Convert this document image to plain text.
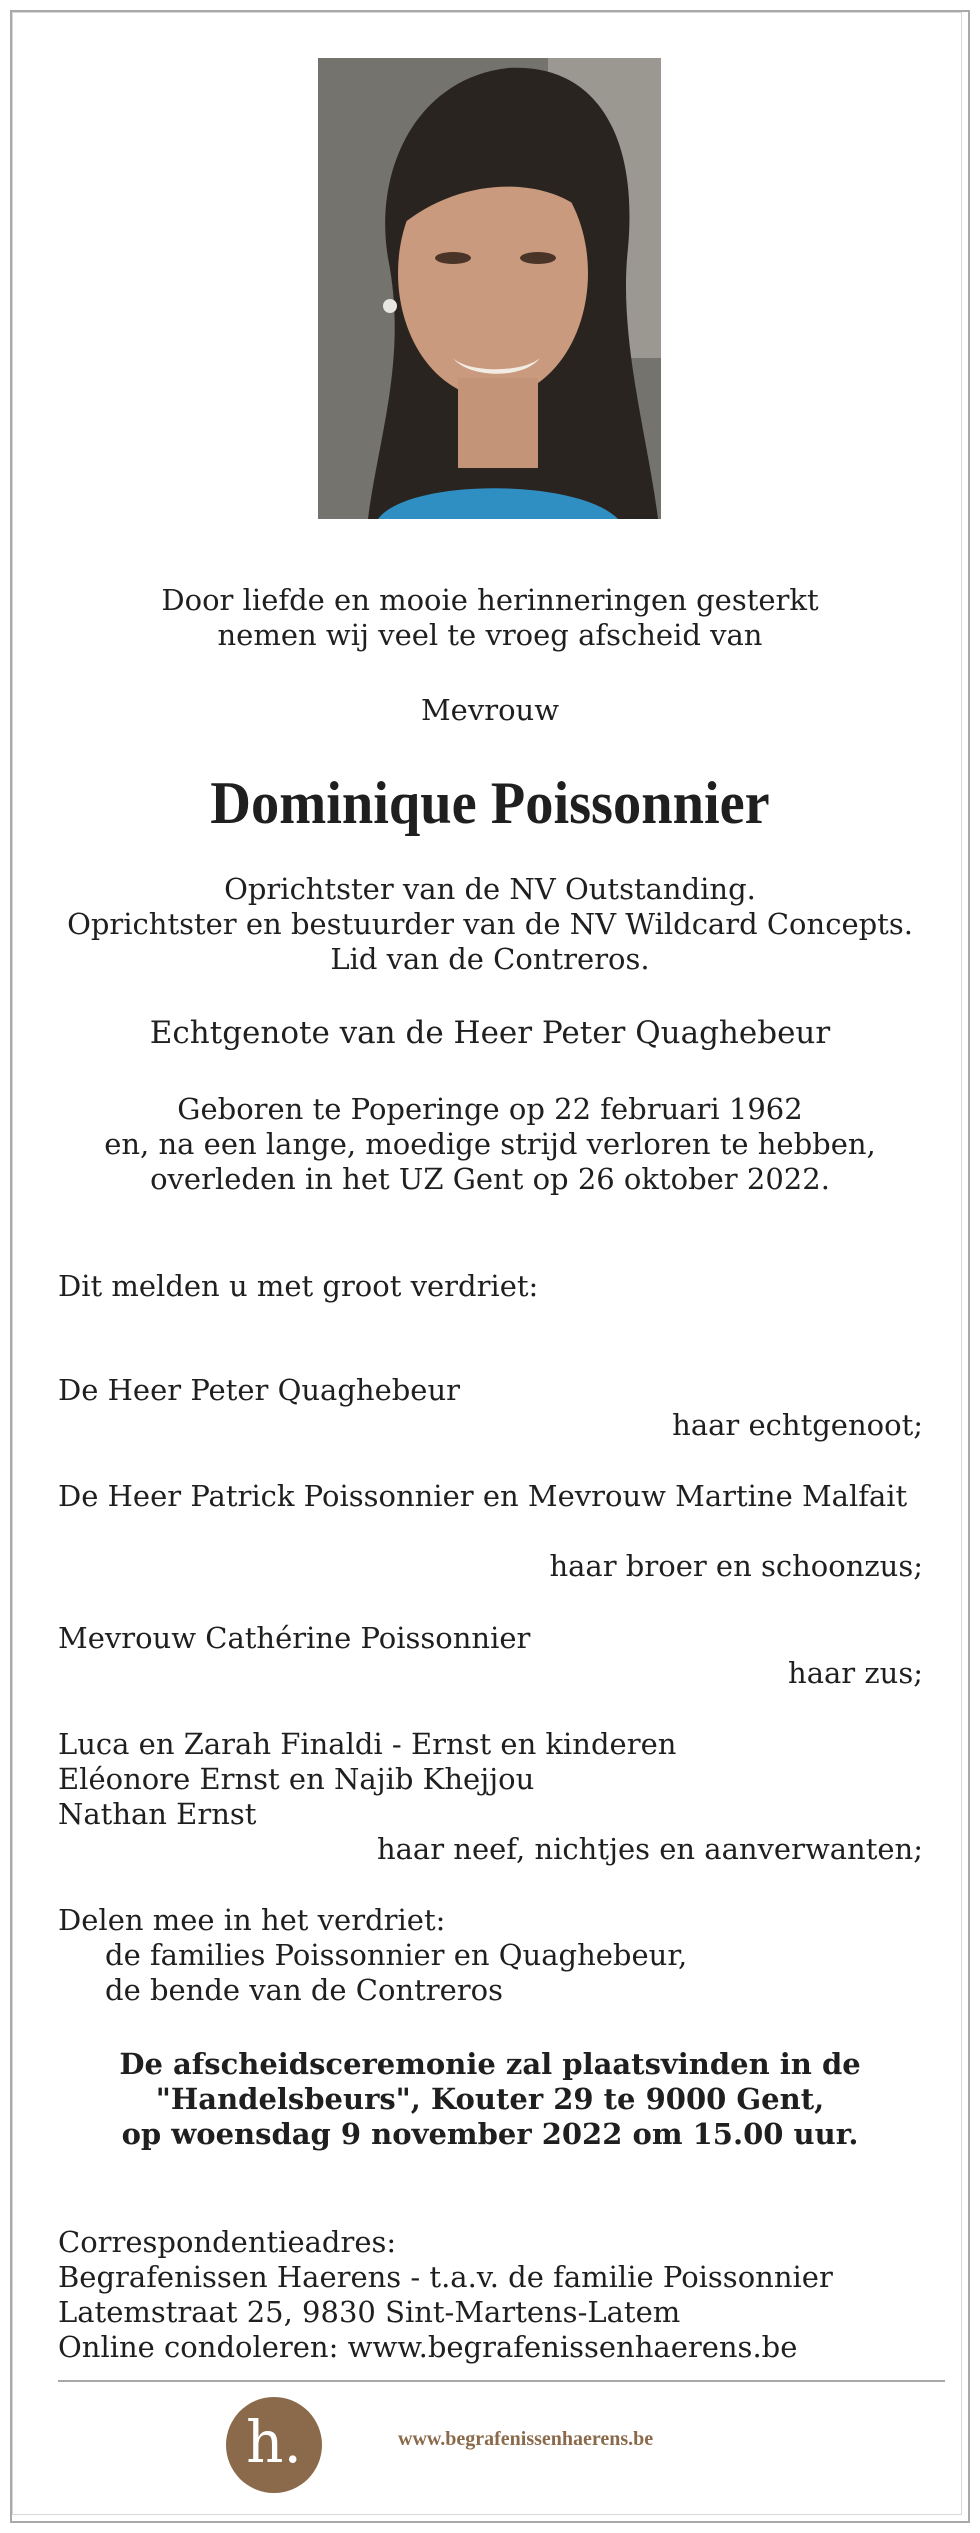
Door liefde en mooie herinneringen gesterkt
nemen wij veel te vroeg afscheid van
Mevrouw
Dominique Poissonnier
Oprichtster van de NV Outstanding.
Oprichtster en bestuurder van de NV Wildcard Concepts.
Lid van de Contreros.
Echtgenote van de Heer Peter Quaghebeur
Geboren te Poperinge op 22 februari 1962
en, na een lange, moedige strijd verloren te hebben,
overleden in het UZ Gent op 26 oktober 2022.
Dit melden u met groot verdriet:
De Heer Peter Quaghebeur
haar echtgenoot;
De Heer Patrick Poissonnier en Mevrouw Martine Malfait
haar broer en schoonzus;
Mevrouw Cathérine Poissonnier
haar zus;
Luca en Zarah Finaldi - Ernst en kinderen
Eléonore Ernst en Najib Khejjou
Nathan Ernst
haar neef, nichtjes en aanverwanten;
Delen mee in het verdriet:
de families Poissonnier en Quaghebeur,
de bende van de Contreros
De afscheidsceremonie zal plaatsvinden in de
"Handelsbeurs", Kouter 29 te 9000 Gent,
op woensdag 9 november 2022 om 15.00 uur.
Correspondentieadres:
Begrafenissen Haerens - t.a.v. de familie Poissonnier
Latemstraat 25, 9830 Sint-Martens-Latem
Online condoleren: www.begrafenissenhaerens.be
h.	www.begrafenissenhaerens.be
